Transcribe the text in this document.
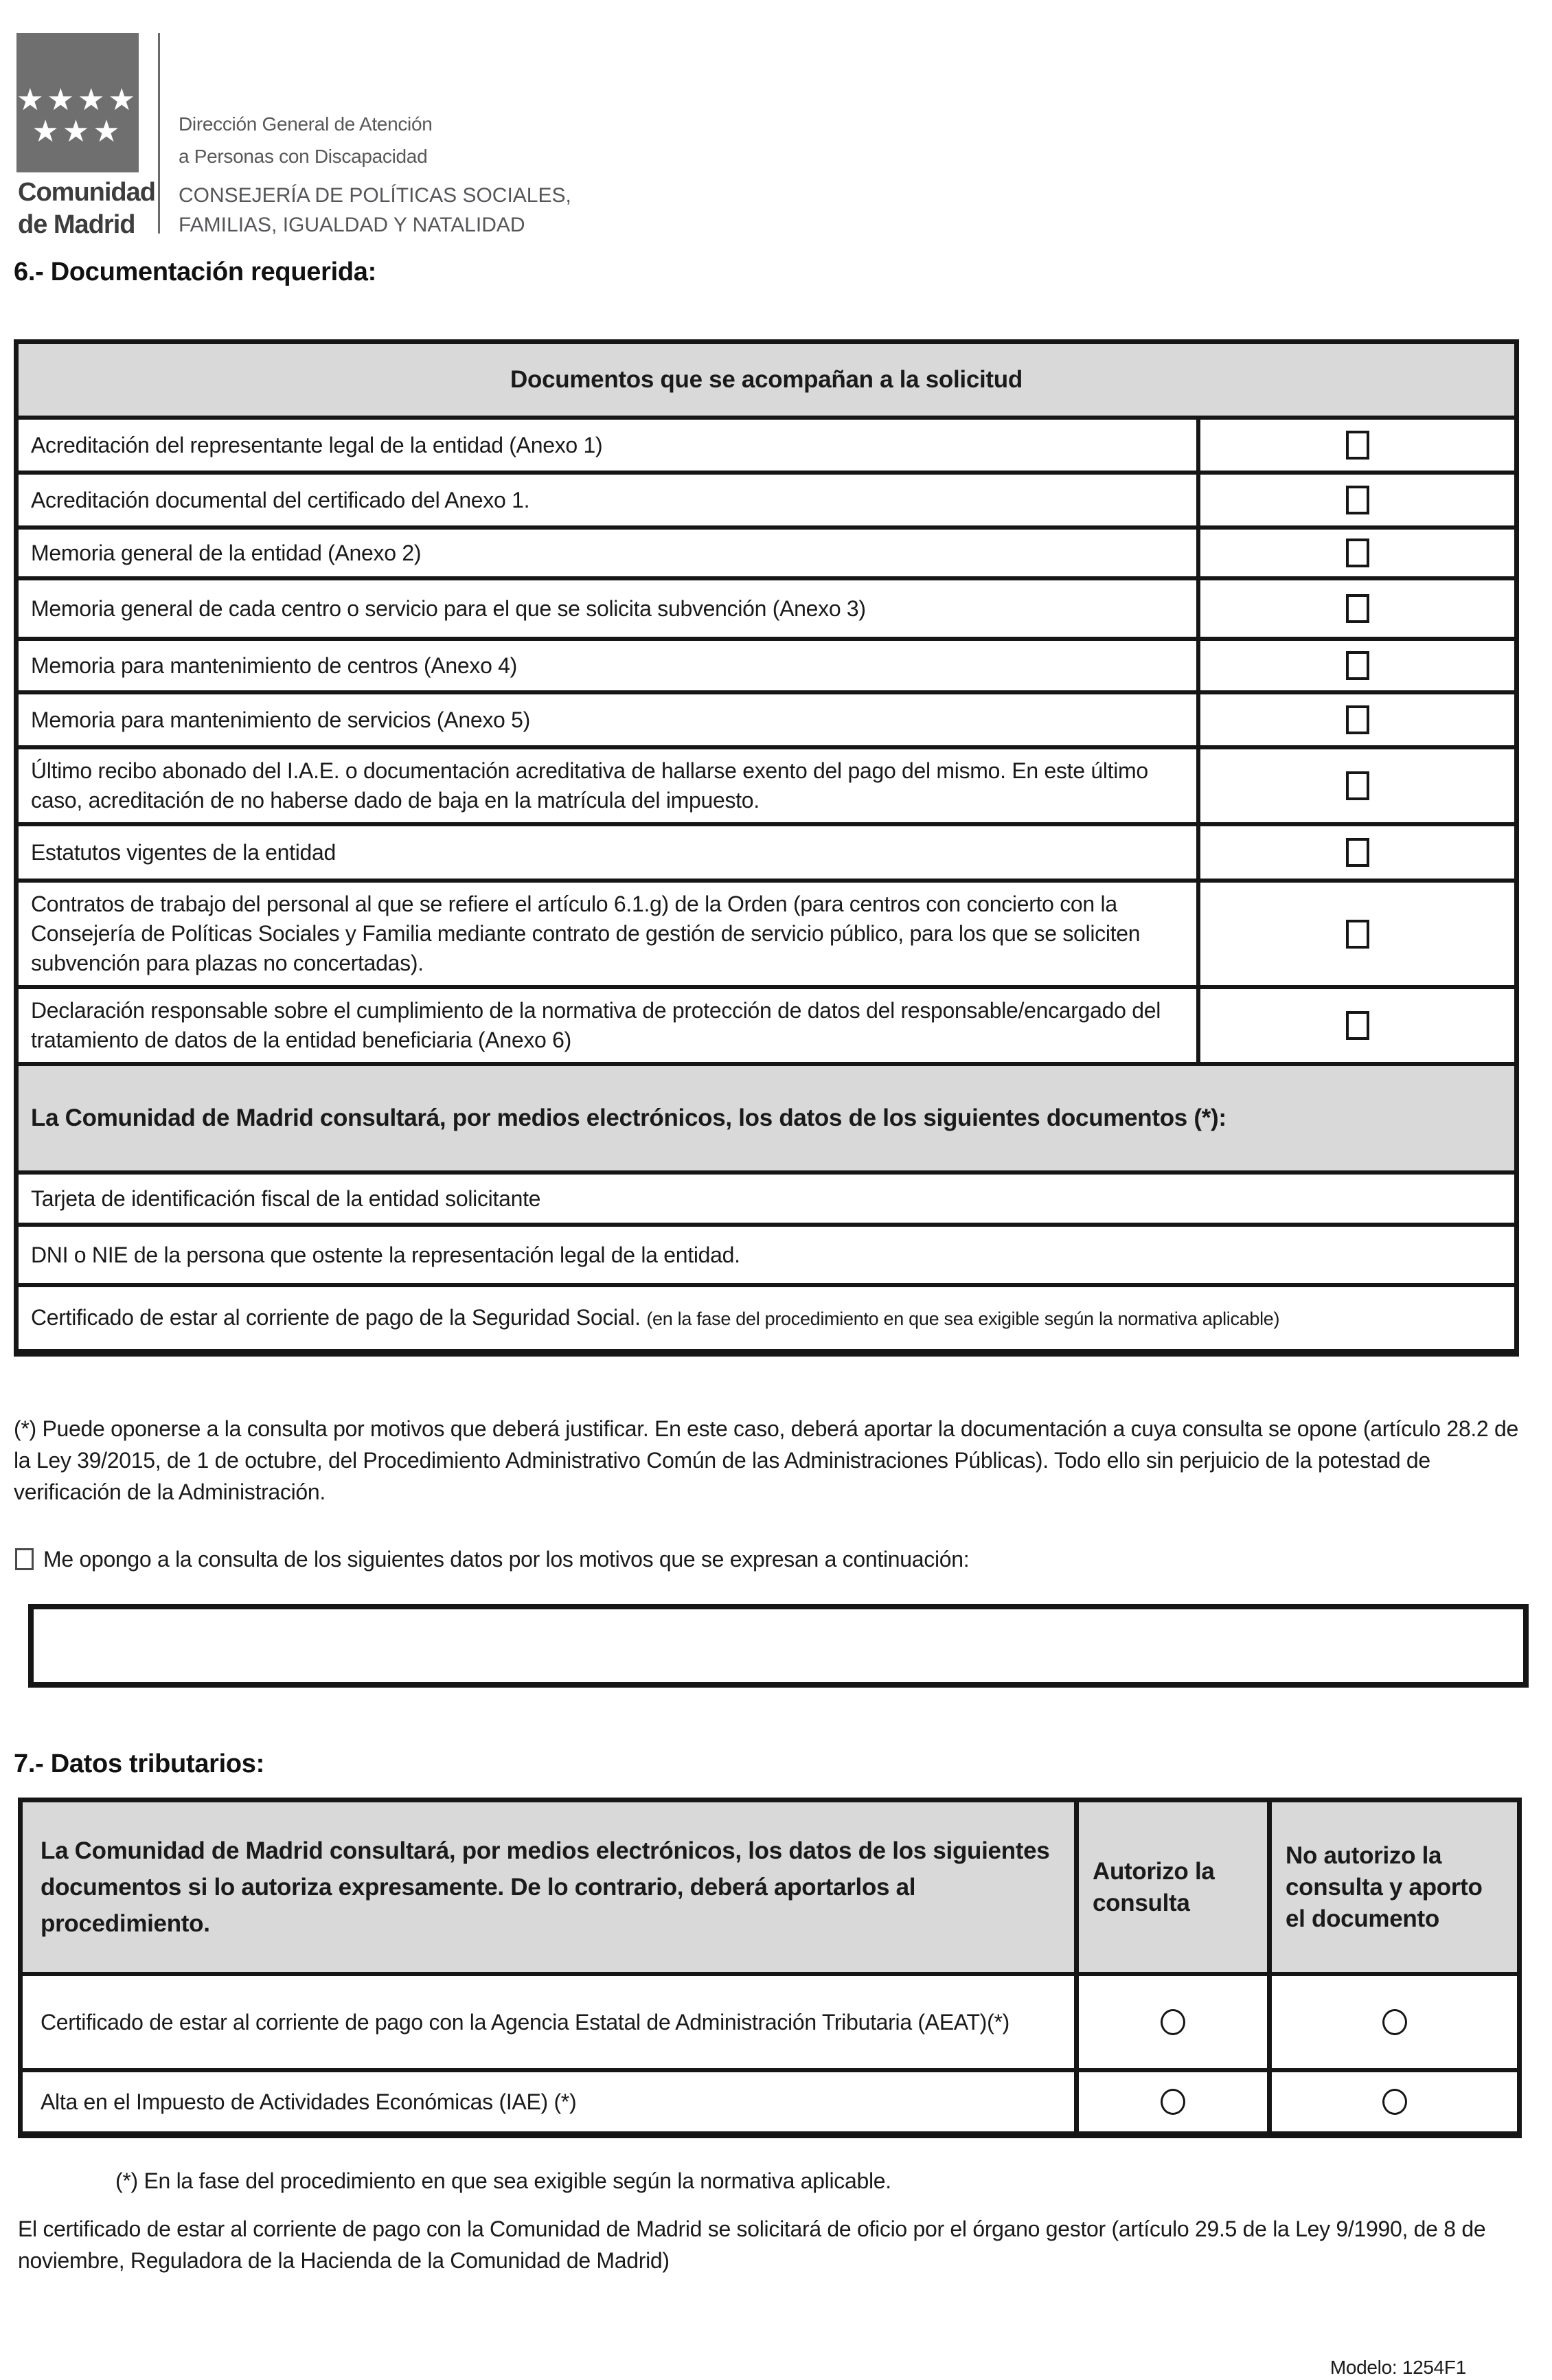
★★★★
★★★
Comunidad
de Madrid
Dirección General de Atención
a Personas con Discapacidad
CONSEJERÍA DE POLÍTICAS SOCIALES,
FAMILIAS, IGUALDAD Y NATALIDAD
6.- Documentación requerida:
Documentos que se acompañan a la solicitud
Acreditación del representante legal de la entidad (Anexo 1)
Acreditación documental del certificado del Anexo 1.
Memoria general de la entidad (Anexo 2)
Memoria general de cada centro o servicio para el que se solicita subvención (Anexo 3)
Memoria para mantenimiento de centros (Anexo 4)
Memoria para mantenimiento de servicios (Anexo 5)
Último recibo abonado del I.A.E. o documentación acreditativa de hallarse exento del pago del mismo. En este último caso, acreditación de no haberse dado de baja en la matrícula del impuesto.
Estatutos vigentes de la entidad
Contratos de trabajo del personal al que se refiere el artículo 6.1.g) de la Orden (para centros con concierto con la Consejería de Políticas Sociales y Familia mediante contrato de gestión de servicio público, para los que se soliciten subvención para plazas no concertadas).
Declaración responsable sobre el cumplimiento de la normativa de protección de datos del responsable/encargado del tratamiento de datos de la entidad beneficiaria (Anexo 6)
La Comunidad de Madrid consultará, por medios electrónicos, los datos de los siguientes documentos (*):
Tarjeta de identificación fiscal de la entidad solicitante
DNI o NIE de la persona que ostente la representación legal de la entidad.
Certificado de estar al corriente de pago de la Seguridad Social. (en la fase del procedimiento en que sea exigible según la normativa aplicable)
(*) Puede oponerse a la consulta por motivos que deberá justificar. En este caso, deberá aportar la documentación a cuya consulta se opone (artículo 28.2 de la Ley 39/2015, de 1 de octubre, del Procedimiento Administrativo Común de las Administraciones Públicas). Todo ello sin perjuicio de la potestad de verificación de la Administración.
Me opongo a la consulta de los siguientes datos por los motivos que se expresan a continuación:
7.- Datos tributarios:
La Comunidad de Madrid consultará, por medios electrónicos, los datos de los siguientes documentos si lo autoriza expresamente. De lo contrario, deberá aportarlos al procedimiento.
Autorizo la consulta
No autorizo la consulta y aporto el documento
Certificado de estar al corriente de pago con la Agencia Estatal de Administración Tributaria (AEAT)(*)
Alta en el Impuesto de Actividades Económicas (IAE) (*)
(*) En la fase del procedimiento en que sea exigible según la normativa aplicable.
El certificado de estar al corriente de pago con la Comunidad de Madrid se solicitará de oficio por el órgano gestor (artículo 29.5 de la Ley 9/1990, de 8 de noviembre, Reguladora de la Hacienda de la Comunidad de Madrid)
Modelo: 1254F1
